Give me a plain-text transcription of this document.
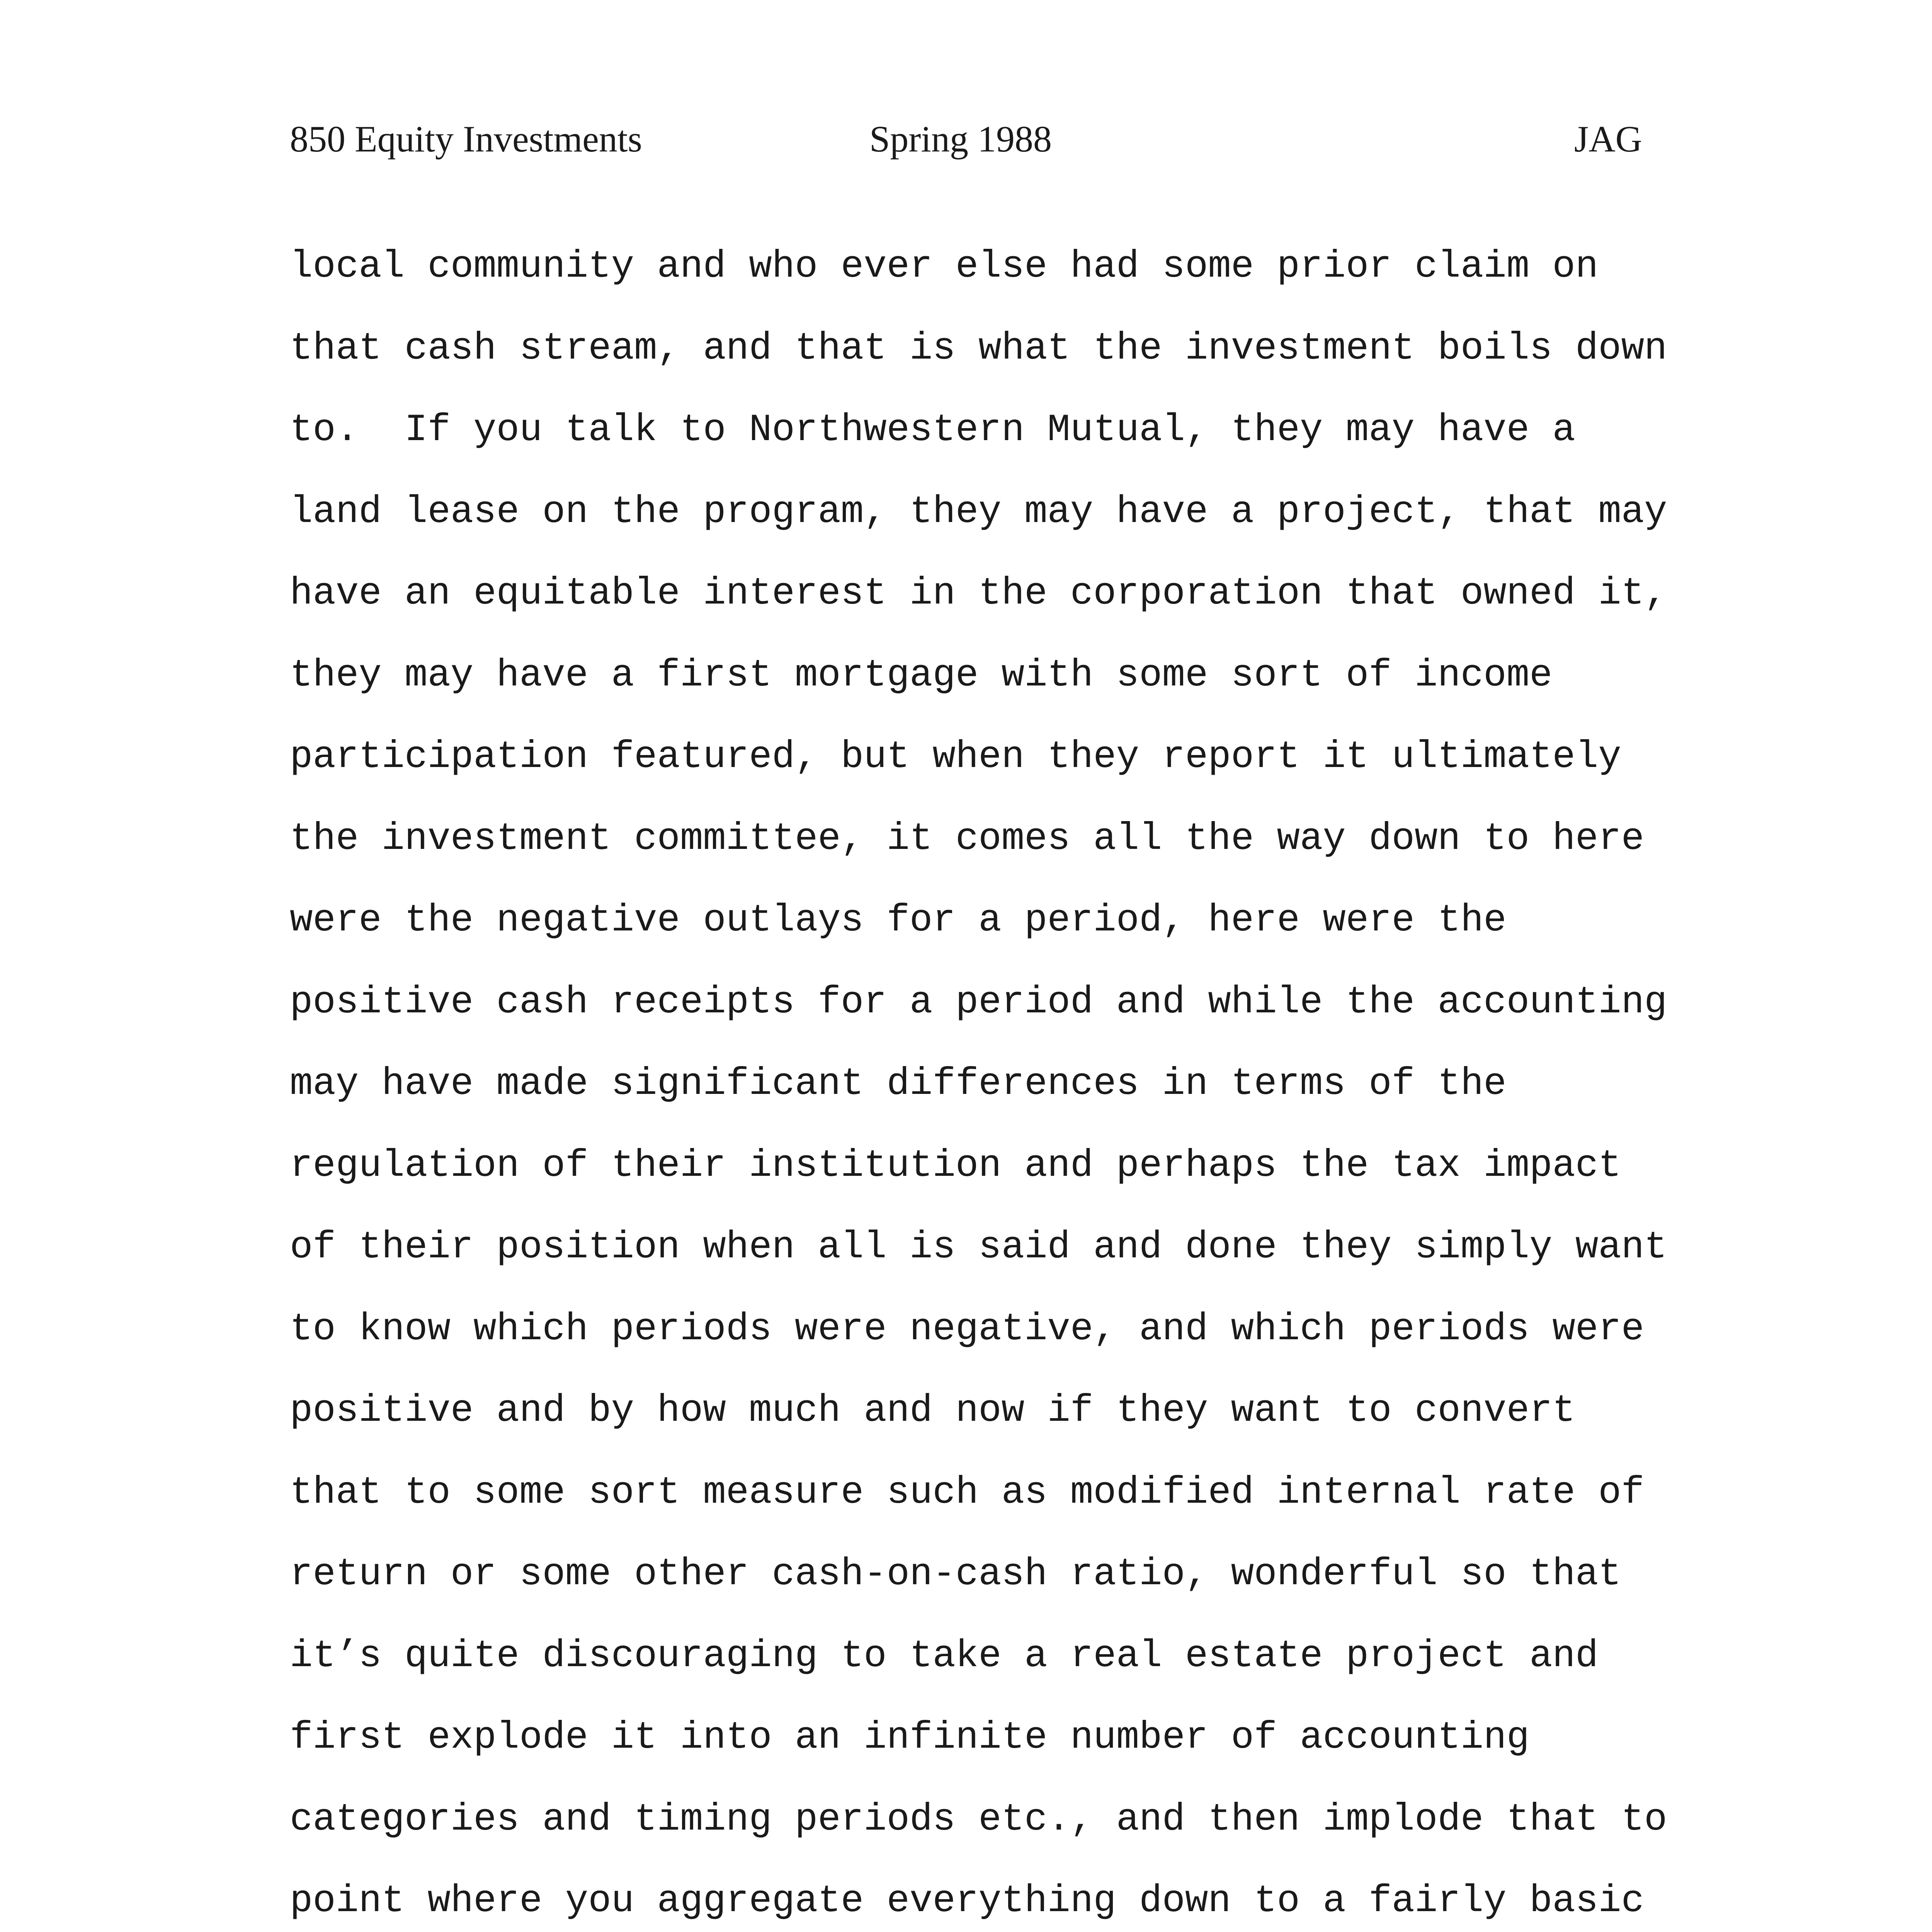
850 Equity Investments	Spring 1988	JAG
local community and who ever else had some prior claim on
that cash stream, and that is what the investment boils down
to.  If you talk to Northwestern Mutual, they may have a
land lease on the program, they may have a project, that may
have an equitable interest in the corporation that owned it,
they may have a first mortgage with some sort of income
participation featured, but when they report it ultimately
the investment committee, it comes all the way down to here
were the negative outlays for a period, here were the
positive cash receipts for a period and while the accounting
may have made significant differences in terms of the
regulation of their institution and perhaps the tax impact
of their position when all is said and done they simply want
to know which periods were negative, and which periods were
positive and by how much and now if they want to convert
that to some sort measure such as modified internal rate of
return or some other cash-on-cash ratio, wonderful so that
it’s quite discouraging to take a real estate project and
first explode it into an infinite number of accounting
categories and timing periods etc., and then implode that to
point where you aggregate everything down to a fairly basic
